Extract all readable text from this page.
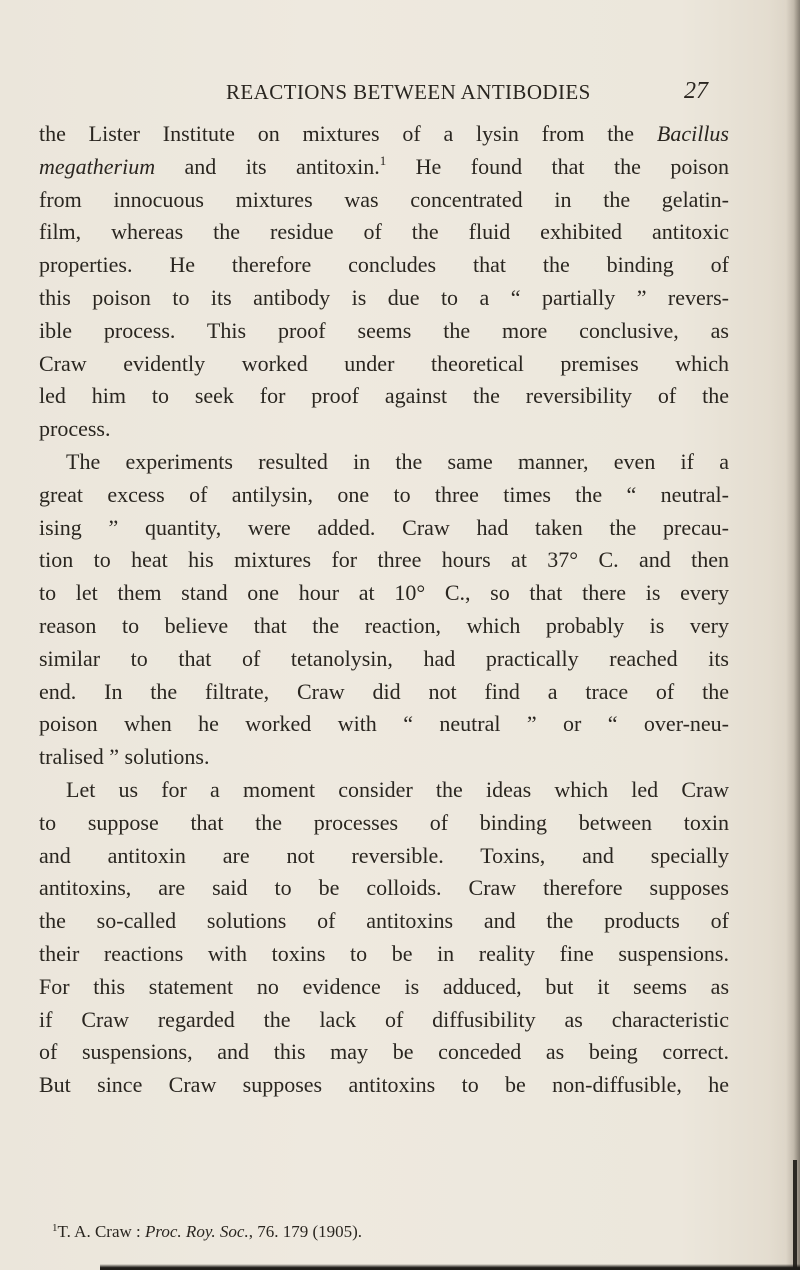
REACTIONS BETWEEN ANTIBODIES	27
the Lister Institute on mixtures of a lysin from the Bacillus
megatherium and its antitoxin.$^1$ He found that the poison
from innocuous mixtures was concentrated in the gelatin-
film, whereas the residue of the fluid exhibited antitoxic
properties. He therefore concludes that the binding of
this poison to its antibody is due to a “ partially ” revers-
ible process. This proof seems the more conclusive, as
Craw evidently worked under theoretical premises which
led him to seek for proof against the reversibility of the
process.
The experiments resulted in the same manner, even if a
great excess of antilysin, one to three times the “ neutral-
ising ” quantity, were added. Craw had taken the precau-
tion to heat his mixtures for three hours at 37° C. and then
to let them stand one hour at 10° C., so that there is every
reason to believe that the reaction, which probably is very
similar to that of tetanolysin, had practically reached its
end. In the filtrate, Craw did not find a trace of the
poison when he worked with “ neutral ” or “ over-neu-
tralised ” solutions.
Let us for a moment consider the ideas which led Craw
to suppose that the processes of binding between toxin
and antitoxin are not reversible. Toxins, and specially
antitoxins, are said to be colloids. Craw therefore supposes
the so-called solutions of antitoxins and the products of
their reactions with toxins to be in reality fine suspensions.
For this statement no evidence is adduced, but it seems as
if Craw regarded the lack of diffusibility as characteristic
of suspensions, and this may be conceded as being correct.
But since Craw supposes antitoxins to be non-diffusible, he
$^1$T. A. Craw : Proc. Roy. Soc., 76. 179 (1905).
